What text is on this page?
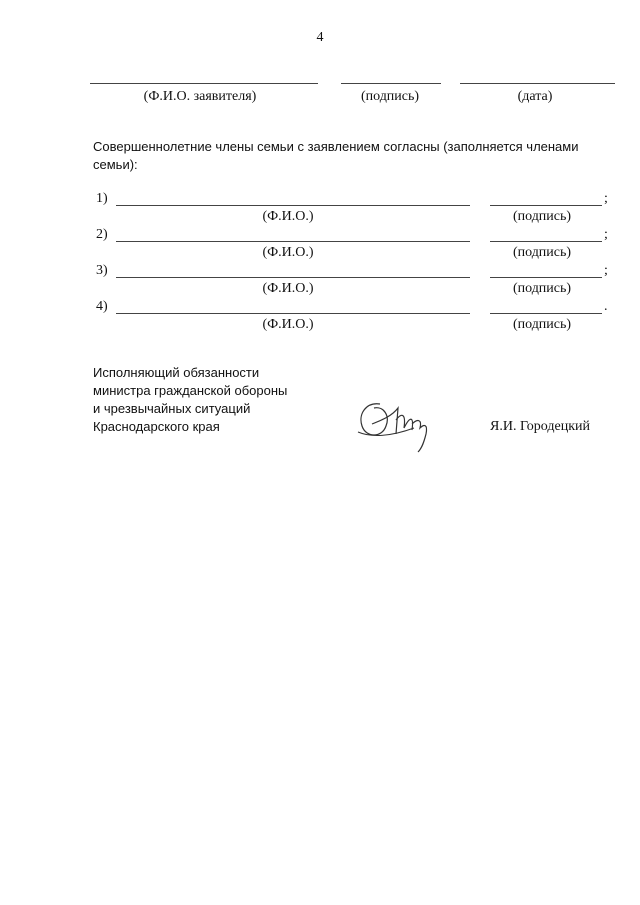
4
(Ф.И.О. заявителя)	(подпись)	(дата)
Совершеннолетние члены семьи с заявлением согласны (заполняется членами семьи):
1)	;
(Ф.И.О.)	(подпись)
2)	;
(Ф.И.О.)	(подпись)
3)	;
(Ф.И.О.)	(подпись)
4)	.
(Ф.И.О.)	(подпись)
Исполняющий обязанности
министра гражданской обороны
и чрезвычайных ситуаций
Краснодарского края	Я.И. Городецкий
